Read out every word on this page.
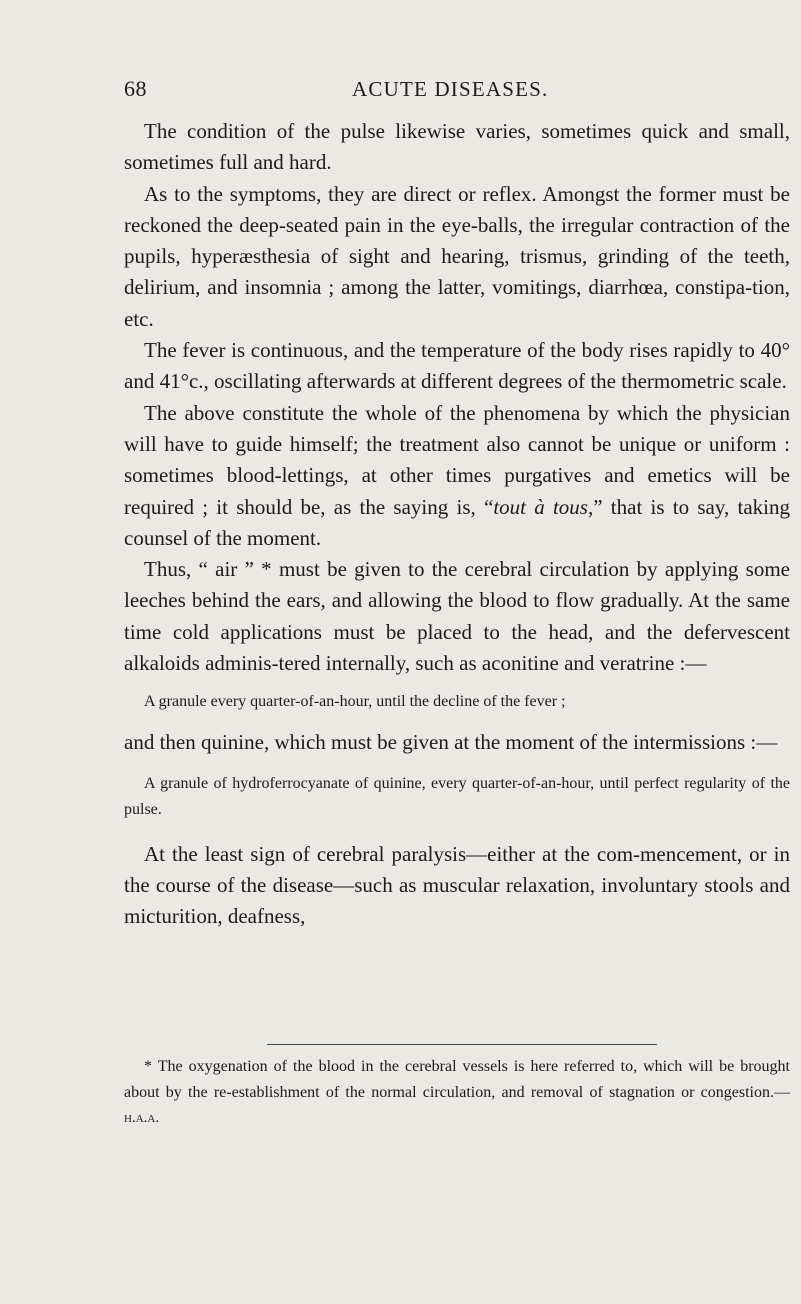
68	ACUTE DISEASES.

The condition of the pulse likewise varies, sometimes quick and small, sometimes full and hard.

As to the symptoms, they are direct or reflex. Amongst the former must be reckoned the deep-seated pain in the eye-balls, the irregular contraction of the pupils, hyperæsthesia of sight and hearing, trismus, grinding of the teeth, delirium, and insomnia ; among the latter, vomitings, diarrhœa, constipa-tion, etc.

The fever is continuous, and the temperature of the body rises rapidly to 40° and 41°c., oscillating afterwards at different degrees of the thermometric scale.

The above constitute the whole of the phenomena by which the physician will have to guide himself; the treatment also cannot be unique or uniform : sometimes blood-lettings, at other times purgatives and emetics will be required ; it should be, as the saying is, “tout à tous,” that is to say, taking counsel of the moment.

Thus, “ air ” * must be given to the cerebral circulation by applying some leeches behind the ears, and allowing the blood to flow gradually. At the same time cold applications must be placed to the head, and the defervescent alkaloids adminis-tered internally, such as aconitine and veratrine :—

A granule every quarter-of-an-hour, until the decline of the fever ;

and then quinine, which must be given at the moment of the intermissions :—

A granule of hydroferrocyanate of quinine, every quarter-of-an-hour, until perfect regularity of the pulse.

At the least sign of cerebral paralysis—either at the com-mencement, or in the course of the disease—such as muscular relaxation, involuntary stools and micturition, deafness,

* The oxygenation of the blood in the cerebral vessels is here referred to, which will be brought about by the re-establishment of the normal circulation, and removal of stagnation or congestion.—h.a.a.
